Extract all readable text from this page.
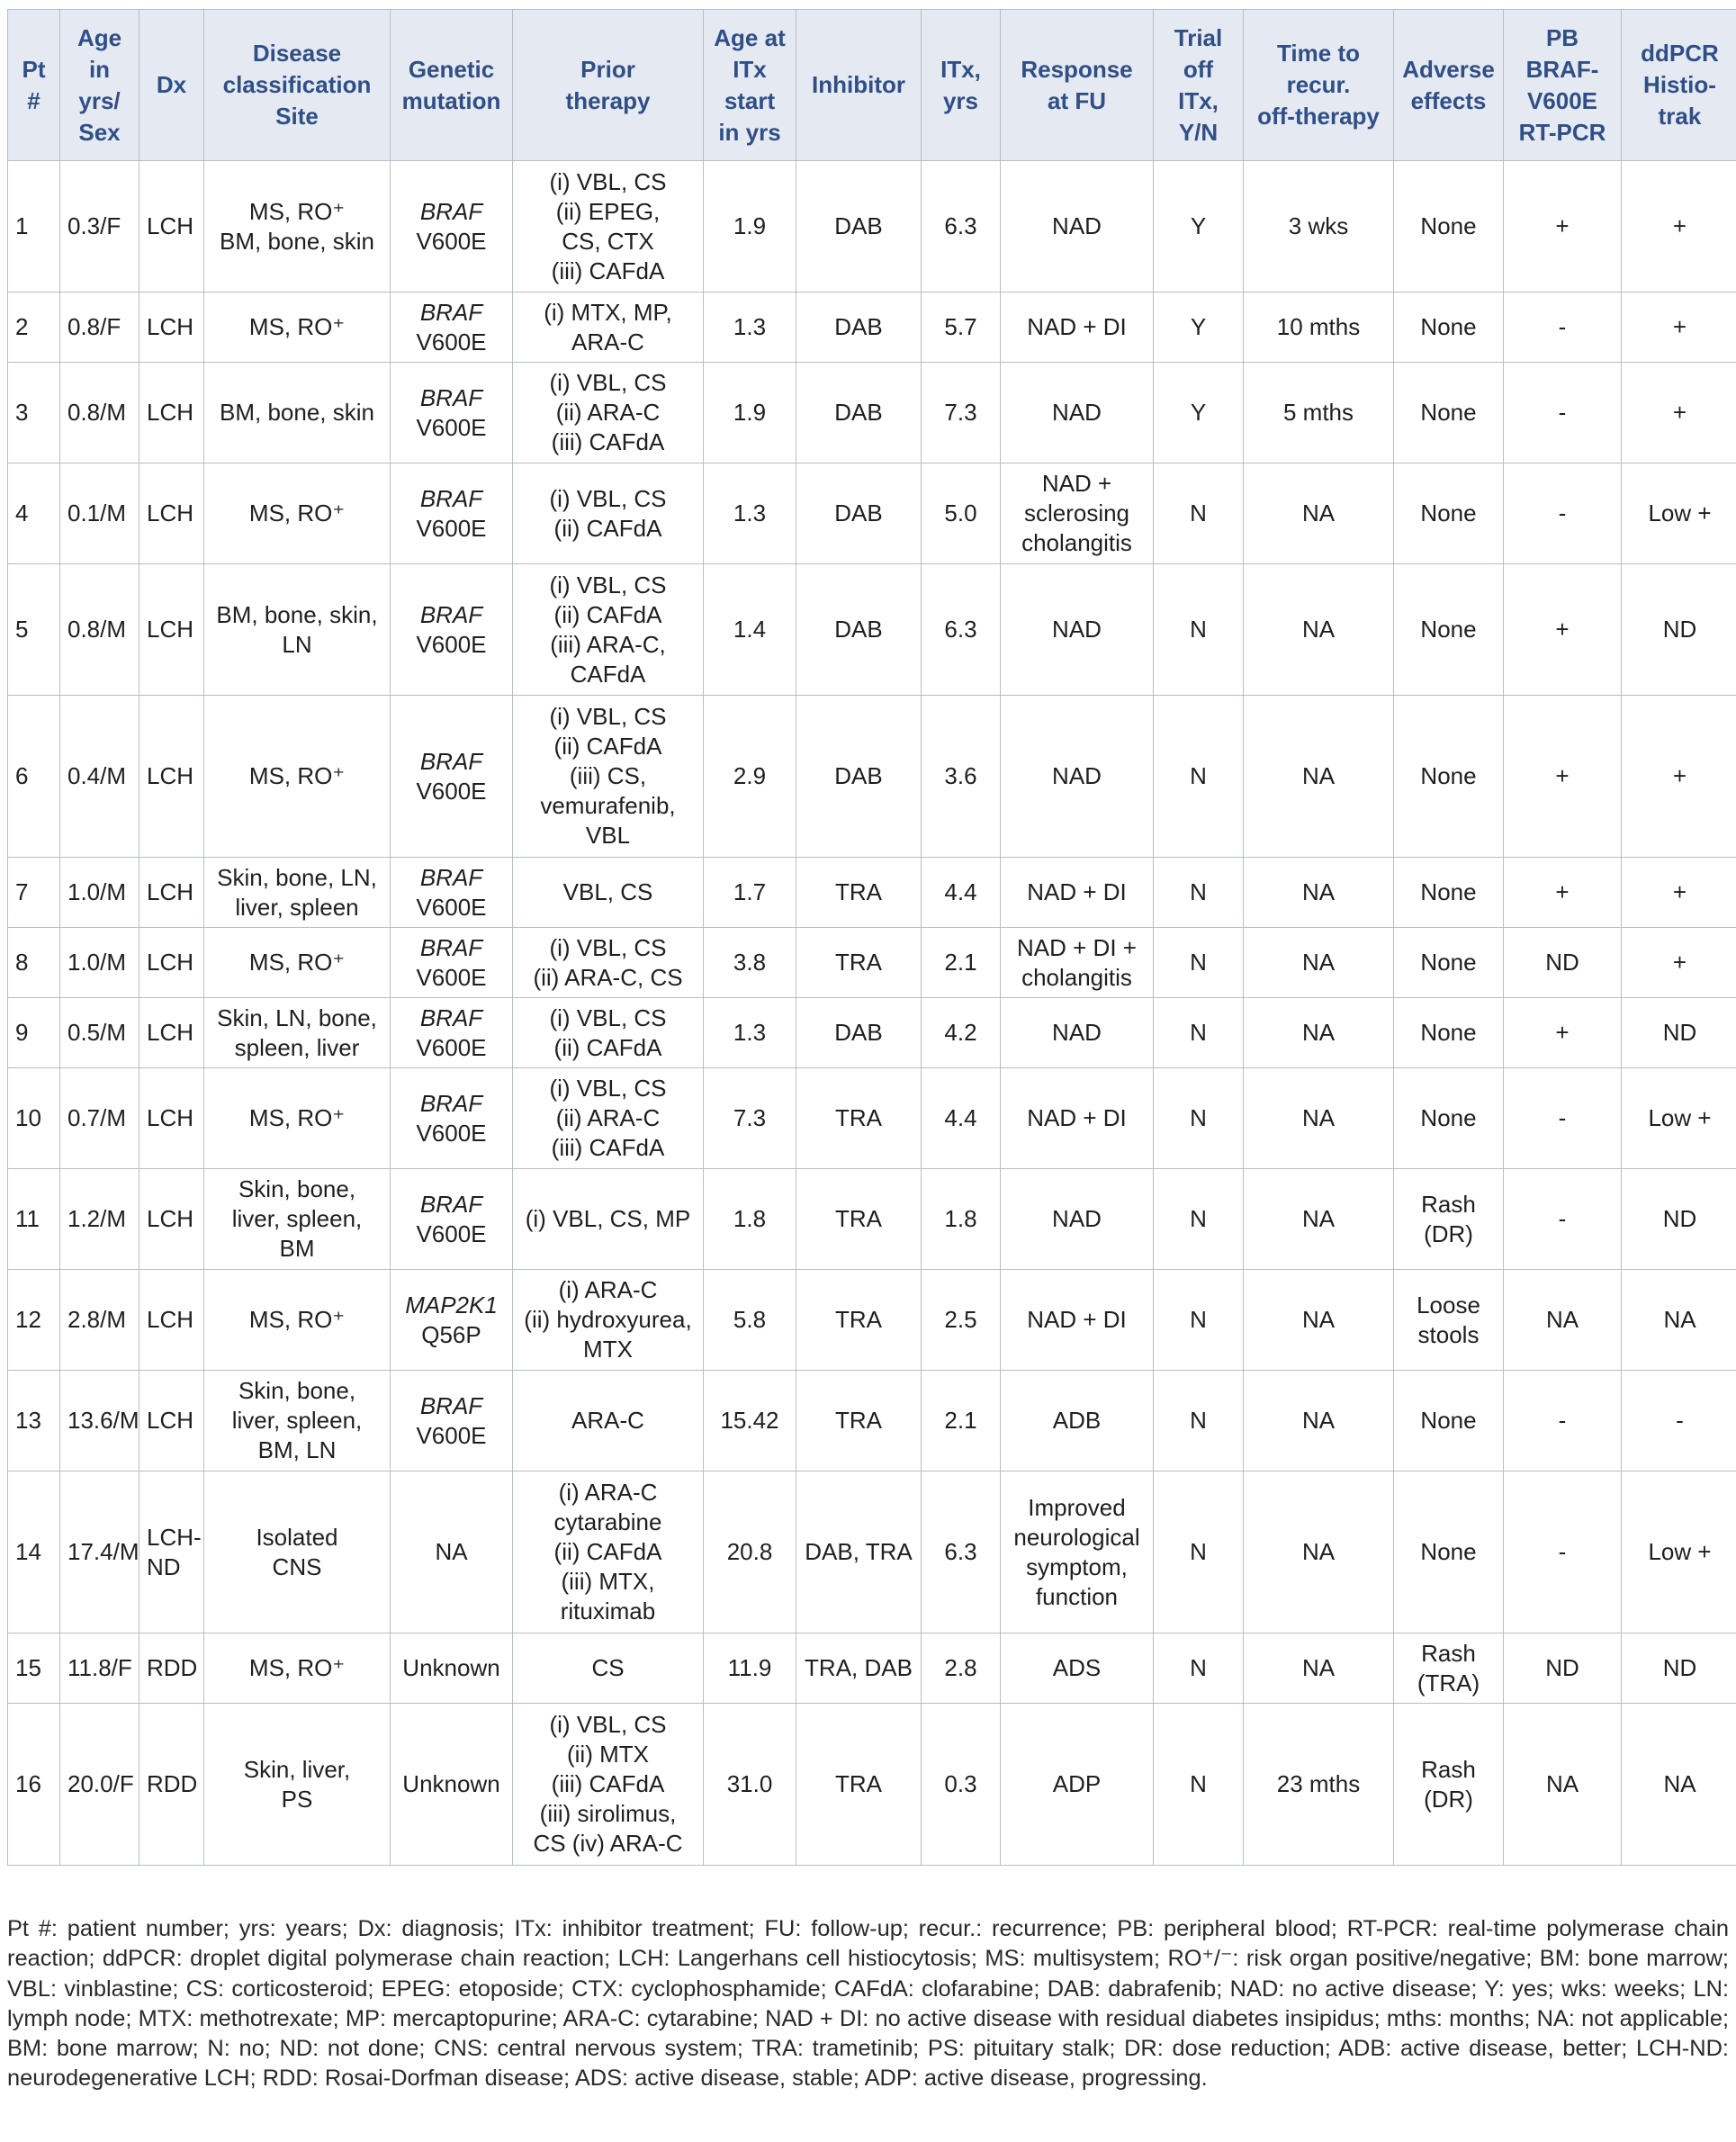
Pt
#	Age
in
yrs/
Sex	Dx	Disease
classification
Site	Genetic
mutation	Prior
therapy	Age at
ITx
start
in yrs	Inhibitor	ITx,
yrs	Response
at FU	Trial
off
ITx,
Y/N	Time to
recur.
off-therapy	Adverse
effects	PB
BRAF-
V600E
RT-PCR	ddPCR
Histio-
trak
1	0.3/F	LCH	MS, RO⁺
BM, bone, skin	BRAF
V600E	(i) VBL, CS
(ii) EPEG,
CS, CTX
(iii) CAFdA	1.9	DAB	6.3	NAD	Y	3 wks	None	+	+
2	0.8/F	LCH	MS, RO⁺	BRAF
V600E	(i) MTX, MP,
ARA-C	1.3	DAB	5.7	NAD + DI	Y	10 mths	None	-	+
3	0.8/M	LCH	BM, bone, skin	BRAF
V600E	(i) VBL, CS
(ii) ARA-C
(iii) CAFdA	1.9	DAB	7.3	NAD	Y	5 mths	None	-	+
4	0.1/M	LCH	MS, RO⁺	BRAF
V600E	(i) VBL, CS
(ii) CAFdA	1.3	DAB	5.0	NAD +
sclerosing
cholangitis	N	NA	None	-	Low +
5	0.8/M	LCH	BM, bone, skin,
LN	BRAF
V600E	(i) VBL, CS
(ii) CAFdA
(iii) ARA-C,
CAFdA	1.4	DAB	6.3	NAD	N	NA	None	+	ND
6	0.4/M	LCH	MS, RO⁺	BRAF
V600E	(i) VBL, CS
(ii) CAFdA
(iii) CS,
vemurafenib,
VBL	2.9	DAB	3.6	NAD	N	NA	None	+	+
7	1.0/M	LCH	Skin, bone, LN,
liver, spleen	BRAF
V600E	VBL, CS	1.7	TRA	4.4	NAD + DI	N	NA	None	+	+
8	1.0/M	LCH	MS, RO⁺	BRAF
V600E	(i) VBL, CS
(ii) ARA-C, CS	3.8	TRA	2.1	NAD + DI +
cholangitis	N	NA	None	ND	+
9	0.5/M	LCH	Skin, LN, bone,
spleen, liver	BRAF
V600E	(i) VBL, CS
(ii) CAFdA	1.3	DAB	4.2	NAD	N	NA	None	+	ND
10	0.7/M	LCH	MS, RO⁺	BRAF
V600E	(i) VBL, CS
(ii) ARA-C
(iii) CAFdA	7.3	TRA	4.4	NAD + DI	N	NA	None	-	Low +
11	1.2/M	LCH	Skin, bone,
liver, spleen,
BM	BRAF
V600E	(i) VBL, CS, MP	1.8	TRA	1.8	NAD	N	NA	Rash
(DR)	-	ND
12	2.8/M	LCH	MS, RO⁺	MAP2K1
Q56P	(i) ARA-C
(ii) hydroxyurea,
MTX	5.8	TRA	2.5	NAD + DI	N	NA	Loose
stools	NA	NA
13	13.6/M	LCH	Skin, bone,
liver, spleen,
BM, LN	BRAF
V600E	ARA-C	15.42	TRA	2.1	ADB	N	NA	None	-	-
14	17.4/M	LCH-
ND	Isolated
CNS	NA	(i) ARA-C
cytarabine
(ii) CAFdA
(iii) MTX,
rituximab	20.8	DAB, TRA	6.3	Improved
neurological
symptom,
function	N	NA	None	-	Low +
15	11.8/F	RDD	MS, RO⁺	Unknown	CS	11.9	TRA, DAB	2.8	ADS	N	NA	Rash
(TRA)	ND	ND
16	20.0/F	RDD	Skin, liver,
PS	Unknown	(i) VBL, CS
(ii) MTX
(iii) CAFdA
(iii) sirolimus,
CS (iv) ARA-C	31.0	TRA	0.3	ADP	N	23 mths	Rash
(DR)	NA	NA
Pt #: patient number; yrs: years; Dx: diagnosis; ITx: inhibitor treatment; FU: follow-up; recur.: recurrence; PB: peripheral blood; RT-PCR: real-time polymerase chain reaction; ddPCR: droplet digital polymerase chain reaction; LCH: Langerhans cell histiocytosis; MS: multisystem; RO⁺/⁻: risk organ positive/negative; BM: bone marrow; VBL: vinblastine; CS: corticosteroid; EPEG: etoposide; CTX: cyclophosphamide; CAFdA: clofarabine; DAB: dabrafenib; NAD: no active disease; Y: yes; wks: weeks; LN: lymph node; MTX: methotrexate; MP: mercaptopurine; ARA-C: cytarabine; NAD + DI: no active disease with residual diabetes insipidus; mths: months; NA: not applicable; BM: bone marrow; N: no; ND: not done; CNS: central nervous system; TRA: trametinib; PS: pituitary stalk; DR: dose reduction; ADB: active disease, better; LCH-ND: neurodegenerative LCH; RDD: Rosai-Dorfman disease; ADS: active disease, stable; ADP: active disease, progressing.
